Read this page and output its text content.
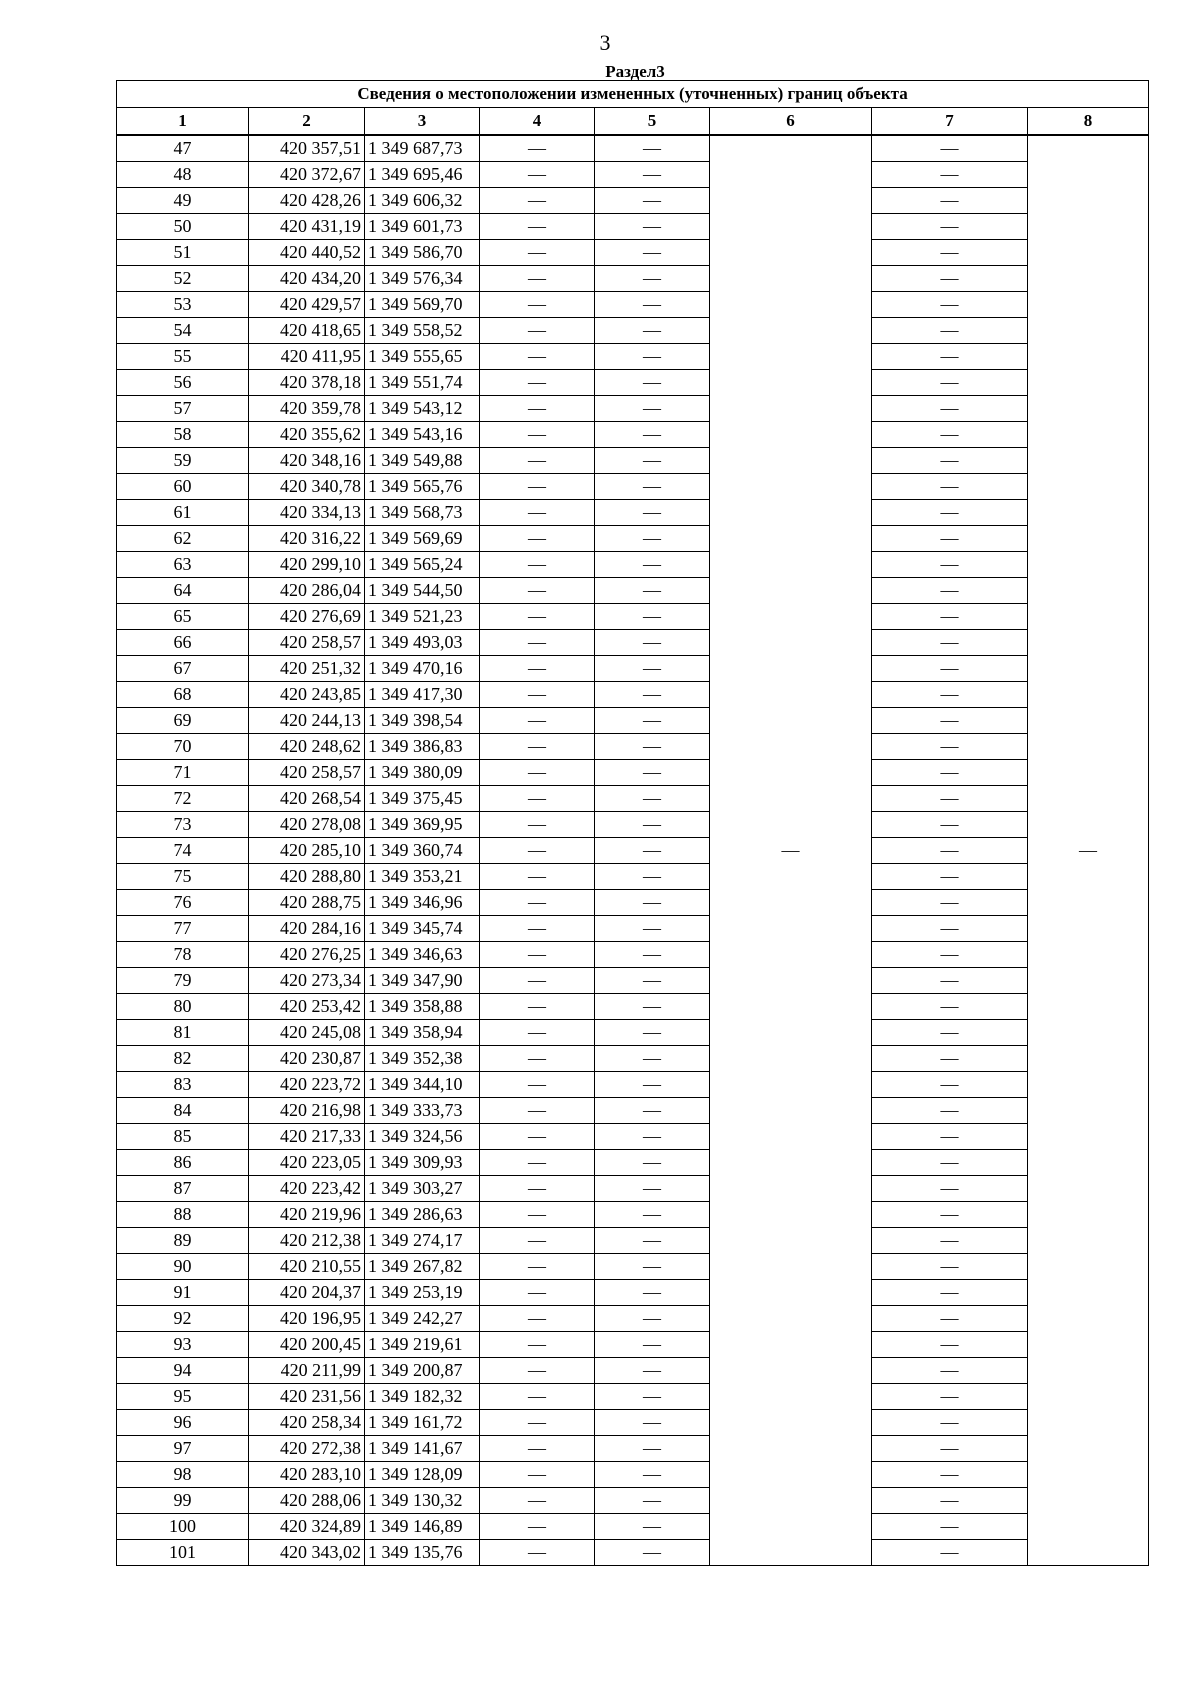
3
Раздел3
Сведения о местоположении измененных (уточненных) границ объекта							
1	2	3	4	5	6	7	8
47	420 357,51	1 349 687,73	—	—	—	—	—
48	420 372,67	1 349 695,46	—	—		—	
49	420 428,26	1 349 606,32	—	—		—	
50	420 431,19	1 349 601,73	—	—		—	
51	420 440,52	1 349 586,70	—	—		—	
52	420 434,20	1 349 576,34	—	—		—	
53	420 429,57	1 349 569,70	—	—		—	
54	420 418,65	1 349 558,52	—	—		—	
55	420 411,95	1 349 555,65	—	—		—	
56	420 378,18	1 349 551,74	—	—		—	
57	420 359,78	1 349 543,12	—	—		—	
58	420 355,62	1 349 543,16	—	—		—	
59	420 348,16	1 349 549,88	—	—		—	
60	420 340,78	1 349 565,76	—	—		—	
61	420 334,13	1 349 568,73	—	—		—	
62	420 316,22	1 349 569,69	—	—		—	
63	420 299,10	1 349 565,24	—	—		—	
64	420 286,04	1 349 544,50	—	—		—	
65	420 276,69	1 349 521,23	—	—		—	
66	420 258,57	1 349 493,03	—	—		—	
67	420 251,32	1 349 470,16	—	—		—	
68	420 243,85	1 349 417,30	—	—		—	
69	420 244,13	1 349 398,54	—	—		—	
70	420 248,62	1 349 386,83	—	—		—	
71	420 258,57	1 349 380,09	—	—		—	
72	420 268,54	1 349 375,45	—	—		—	
73	420 278,08	1 349 369,95	—	—		—	
74	420 285,10	1 349 360,74	—	—		—	
75	420 288,80	1 349 353,21	—	—		—	
76	420 288,75	1 349 346,96	—	—		—	
77	420 284,16	1 349 345,74	—	—		—	
78	420 276,25	1 349 346,63	—	—		—	
79	420 273,34	1 349 347,90	—	—		—	
80	420 253,42	1 349 358,88	—	—		—	
81	420 245,08	1 349 358,94	—	—		—	
82	420 230,87	1 349 352,38	—	—		—	
83	420 223,72	1 349 344,10	—	—		—	
84	420 216,98	1 349 333,73	—	—		—	
85	420 217,33	1 349 324,56	—	—		—	
86	420 223,05	1 349 309,93	—	—		—	
87	420 223,42	1 349 303,27	—	—		—	
88	420 219,96	1 349 286,63	—	—		—	
89	420 212,38	1 349 274,17	—	—		—	
90	420 210,55	1 349 267,82	—	—		—	
91	420 204,37	1 349 253,19	—	—		—	
92	420 196,95	1 349 242,27	—	—		—	
93	420 200,45	1 349 219,61	—	—		—	
94	420 211,99	1 349 200,87	—	—		—	
95	420 231,56	1 349 182,32	—	—		—	
96	420 258,34	1 349 161,72	—	—		—	
97	420 272,38	1 349 141,67	—	—		—	
98	420 283,10	1 349 128,09	—	—		—	
99	420 288,06	1 349 130,32	—	—		—	
100	420 324,89	1 349 146,89	—	—		—	
101	420 343,02	1 349 135,76	—	—		—	
